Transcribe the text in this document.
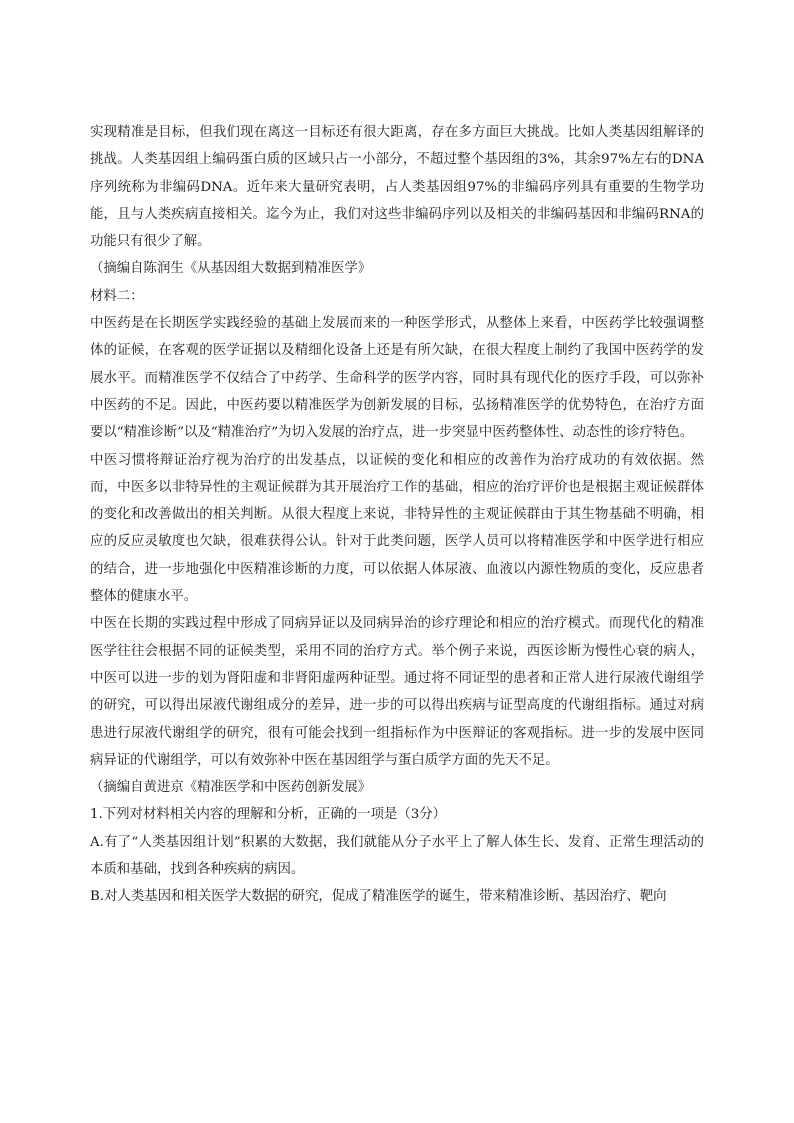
实现精准是目标，但我们现在离这一目标还有很大距离，存在多方面巨大挑战。比如人类基因组解译的挑战。人类基因组上编码蛋白质的区域只占一小部分，不超过整个基因组的3%，其余97%左右的DNA序列统称为非编码DNA。近年来大量研究表明，占人类基因组97%的非编码序列具有重要的生物学功能，且与人类疾病直接相关。迄今为止，我们对这些非编码序列以及相关的非编码基因和非编码RNA的功能只有很少了解。

（摘编自陈润生《从基因组大数据到精准医学》

材料二：

中医药是在长期医学实践经验的基础上发展而来的一种医学形式，从整体上来看，中医药学比较强调整体的证候，在客观的医学证据以及精细化设备上还是有所欠缺，在很大程度上制约了我国中医药学的发展水平。而精准医学不仅结合了中药学、生命科学的医学内容，同时具有现代化的医疗手段，可以弥补中医药的不足。因此，中医药要以精准医学为创新发展的目标，弘扬精准医学的优势特色，在治疗方面要以“精准诊断”以及“精准治疗”为切入发展的治疗点，进一步突显中医药整体性、动态性的诊疗特色。

中医习惯将辩证治疗视为治疗的出发基点，以证候的变化和相应的改善作为治疗成功的有效依据。然而，中医多以非特异性的主观证候群为其开展治疗工作的基础，相应的治疗评价也是根据主观证候群体的变化和改善做出的相关判断。从很大程度上来说，非特异性的主观证候群由于其生物基础不明确，相应的反应灵敏度也欠缺，很难获得公认。针对于此类问题，医学人员可以将精准医学和中医学进行相应的结合，进一步地强化中医精准诊断的力度，可以依据人体尿液、血液以内源性物质的变化，反应患者整体的健康水平。

中医在长期的实践过程中形成了同病异证以及同病异治的诊疗理论和相应的治疗模式。而现代化的精准医学往往会根据不同的证候类型，采用不同的治疗方式。举个例子来说，西医诊断为慢性心衰的病人，中医可以进一步的划为肾阳虚和非肾阳虚两种证型。通过将不同证型的患者和正常人进行尿液代谢组学的研究，可以得出尿液代谢组成分的差异，进一步的可以得出疾病与证型高度的代谢组指标。通过对病患进行尿液代谢组学的研究，很有可能会找到一组指标作为中医辩证的客观指标。进一步的发展中医同病异证的代谢组学，可以有效弥补中医在基因组学与蛋白质学方面的先天不足。

（摘编自黄进京《精准医学和中医药创新发展》

1.下列对材料相关内容的理解和分析，正确的一项是（3分）

A.有了“人类基因组计划”积累的大数据，我们就能从分子水平上了解人体生长、发育、正常生理活动的本质和基础，找到各种疾病的病因。

B.对人类基因和相关医学大数据的研究，促成了精准医学的诞生，带来精准诊断、基因治疗、靶向
